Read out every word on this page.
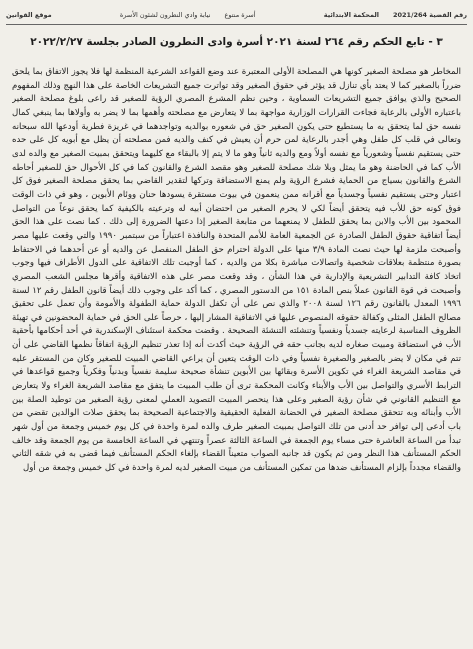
رقم القضية 2021/264
المحكمة الابتدائية
أسرة منتوع
نيابة وادي النطرون لشئون الأسرة
موقع القوانين
٣ - تابع الحكم رقم ٢٦٤ لسنة ٢٠٢١ أسرة وادى النطرون الصادر بجلسة ٢٠٢٢/٢/٢٧

المخاطر هو مصلحة الصغير كونها هي المصلحة الأولى المعتبرة عند وضع القواعد الشرعية المنظمة لها فلا يجوز الاتفاق بما يلحق ضرراً بالصغير كما لا يعتد بأي تنازل قد يؤثر في حقوق الصغير وقد تواترت جميع التشريعات الخاصة على هذا النهج وذلك المفهوم الصحيح والذي يوافق جميع التشريعات السماوية ، وحين نظم المشرع المصري الرؤية للصغير قد راعى بلوغ مصلحة الصغير باعتباره الأولى بالرعاية فجاءت القرارات الوزارية مواجهة بما لا يتعارض مع مصلحته وأهمها بما لا يضر به وأولاها بما ينبغي كمال نفسه حق لما يتحقق به ما يستطيع حتى يكون الصغير حق في شعوره بوالديه وتواجدهما في غريزة فطرية أودعها الله سبحانه وتعالى في قلب كل طفل وهي أجدر بالرعاية لمن حرم أن يعيش في كنف والديه فمن مصلحته أن يظل مع أبويه كل على حده حتى يستقيم نفسياً وشعورياً مع نفسه أولاً ومع والديه ثانياً وهو ما لا يتم إلا بالبقاء مع كليهما ويتحقق بمبيت الصغير مع والده لدى الأب كما في الحاضنة وهو ما يمثل وبلا شك مصلحة للصغير وهو مقصد الشرع والقانون كما في كل الأحوال حق للصغير أحاطه الشرع والقانون بسياج من الحماية فشرع الرؤية ولم يمنع الاستضافة وتركها لتقدير القاضي بما يحقق مصلحة الصغير فوق كل اعتبار وحتى يستقيم نفسياً وجسدياً مع أقرانه ممن ينعمون في بيوت مستقرة يسودها حنان ووئام الأبوين ، وهو في ذات الوقت فوق كونه حق للأب فيه يتحقق أيضاً لكي لا يحرم الصغير من احتضان أبيه له وترعيته بالكيفية كما يحقق نوعاً من التواصل المحمود بين الأب والابن بما يحقق للطفل لا يمنعهما من متابعة الصغير إذا دعتها الضرورة إلى ذلك . كما نصت على هذا الحق أيضاً اتفاقية حقوق الطفل الصادرة عن الجمعية العامة للأمم المتحدة والنافذة اعتباراً من سبتمبر ١٩٩٠ والتي وقعت عليها مصر وأصبحت ملزمة لها حيث نصت المادة ٣/٩ منها على الدولة احترام حق الطفل المنفصل عن والديه أو عن أحدهما في الاحتفاظ بصورة منتظمة بعلاقات شخصية واتصالات مباشرة بكلا من والديه ، كما أوجبت تلك الاتفاقية على الدول الأطراف فيها وجوب اتخاذ كافة التدابير التشريعية والإدارية في هذا الشأن ، وقد وقعت مصر على هذه الاتفاقية وأقرها مجلس الشعب المصري وأصبحت في قوة القانون عملاً بنص المادة ١٥١ من الدستور المصري ، كما أكد على وجوب ذلك أيضاً قانون الطفل رقم ١٢ لسنة ١٩٩٦ المعدل بالقانون رقم ١٢٦ لسنة ٢٠٠٨ والذي نص على أن تكفل الدولة حماية الطفولة والأمومة وأن تعمل على تحقيق مصالح الطفل المثلى وكفالة حقوقه المنصوص عليها في الاتفاقية المشار إليها ، حرصاً على الحق في حماية المحضونين في تهيئة الظروف المناسبة لرعايته جسدياً ونفسياً وتنشئته التنشئة الصحيحة . وقضت محكمة استئناف الإسكندرية في أحد أحكامها بأحقية الأب في استضافة ومبيت صغاره لديه بجانب حقه في الرؤية حيث أكدت أنه إذا تعذر تنظيم الرؤية اتفاقاً نظمها القاضي على أن تتم في مكان لا يضر بالصغير والصغيرة نفسياً وفي ذات الوقت يتعين أن يراعي القاضي المبيت للصغير وكان من المستقر عليه في مقاصد الشريعة الغراء في تكوين الأسرة وبقائها بين الأبوين تنشأة صحيحة سليمة نفسياً وبدنياً وفكرياً وجميع قواعدها في الترابط الأسري والتواصل بين الأب والأبناء وكانت المحكمة ترى أن طلب المبيت ما يتفق مع مقاصد الشريعة الغراء ولا يتعارض مع التنظيم القانوني في شأن رؤية الصغير وعلى هذا ينحصر المبيت التصويد العملي لمعنى رؤية الصغير من توطيد الصلة بين الأب وأبنائه وبه تتحقق مصلحة الصغير في الحضانة الفعلية الحقيقية والاجتماعية الصحيحة بما يحقق صلات الوالدين تقضي من باب أدعى إلى توافر حد أدنى من تلك التواصل بمبيت الصغير طرف والده لمرة واحدة في كل يوم خميس وجمعة من أول شهر تبدأ من الساعة العاشرة حتى مساء يوم الجمعة في الساعة الثالثة عصراً وتنتهي في الساعة الخامسة من يوم الجمعة وقد خالف الحكم المستأنف هذا النظر ومن ثم يكون قد جانبه الصواب متعيناً القضاء بإلغاء الحكم المستأنف فيما قضى به في شقه الثاني والقضاء مجدداً بإلزام المستأنف ضدها من تمكين المستأنف من مبيت الصغير لديه لمرة واحدة في كل خميس وجمعة من أول
